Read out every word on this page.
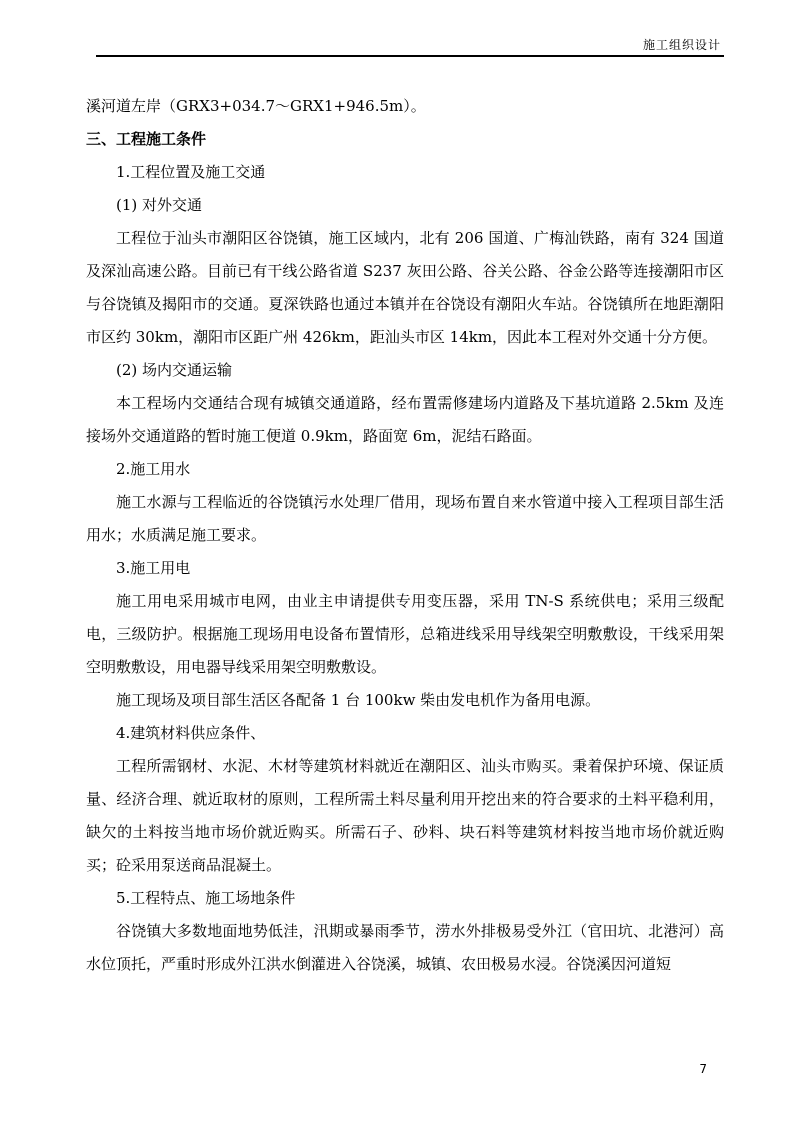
施工组织设计

溪河道左岸（GRX3+034.7～GRX1+946.5m）。

三、工程施工条件

1.工程位置及施工交通

(1) 对外交通

工程位于汕头市潮阳区谷饶镇，施工区域内，北有 206 国道、广梅汕铁路，南有 324 国道及深汕高速公路。目前已有干线公路省道 S237 灰田公路、谷关公路、谷金公路等连接潮阳市区与谷饶镇及揭阳市的交通。夏深铁路也通过本镇并在谷饶设有潮阳火车站。谷饶镇所在地距潮阳市区约 30km，潮阳市区距广州 426km，距汕头市区 14km，因此本工程对外交通十分方便。

(2) 场内交通运输

本工程场内交通结合现有城镇交通道路，经布置需修建场内道路及下基坑道路 2.5km 及连接场外交通道路的暂时施工便道 0.9km，路面宽 6m，泥结石路面。

2.施工用水

施工水源与工程临近的谷饶镇污水处理厂借用，现场布置自来水管道中接入工程项目部生活用水；水质满足施工要求。

3.施工用电

施工用电采用城市电网，由业主申请提供专用变压器，采用 TN-S 系统供电；采用三级配电，三级防护。根据施工现场用电设备布置情形，总箱进线采用导线架空明敷敷设，干线采用架空明敷敷设，用电器导线采用架空明敷敷设。

施工现场及项目部生活区各配备 1 台 100kw 柴由发电机作为备用电源。

4.建筑材料供应条件、

工程所需钢材、水泥、木材等建筑材料就近在潮阳区、汕头市购买。秉着保护环境、保证质量、经济合理、就近取材的原则，工程所需土料尽量利用开挖出来的符合要求的土料平稳利用，缺欠的土料按当地市场价就近购买。所需石子、砂料、块石料等建筑材料按当地市场价就近购买；砼采用泵送商品混凝土。

5.工程特点、施工场地条件

谷饶镇大多数地面地势低洼，汛期或暴雨季节，涝水外排极易受外江（官田坑、北港河）高水位顶托，严重时形成外江洪水倒灌进入谷饶溪，城镇、农田极易水浸。谷饶溪因河道短

7
